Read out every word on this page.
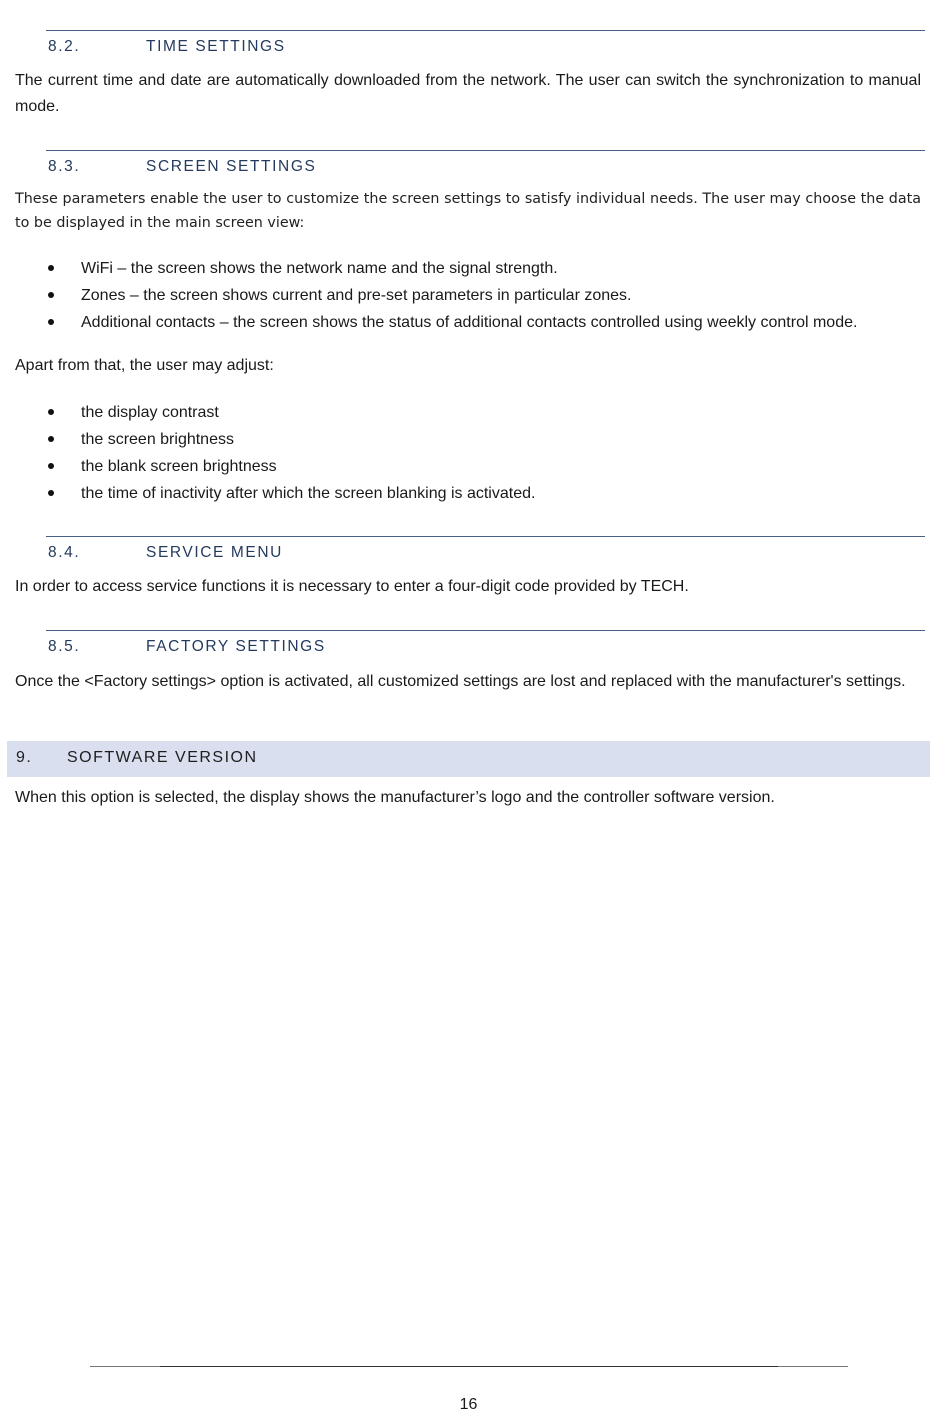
8.2.	TIME SETTINGS
The current time and date are automatically downloaded from the network. The user can switch the synchronization to manual mode.
8.3.	SCREEN SETTINGS
These parameters enable the user to customize the screen settings to satisfy individual needs. The user may choose the data to be displayed in the main screen view:
WiFi – the screen shows the network name and the signal strength.
Zones – the screen shows current and pre-set parameters in particular zones.
Additional contacts – the screen shows the status of additional contacts controlled using weekly control mode.
Apart from that, the user may adjust:
the display contrast
the screen brightness
the blank screen brightness
the time of inactivity after which the screen blanking is activated.
8.4.	SERVICE MENU
In order to access service functions it is necessary to enter a four-digit code provided by TECH.
8.5.	FACTORY SETTINGS
Once the <Factory settings> option is activated, all customized settings are lost and replaced with the manufacturer's settings.
9. SOFTWARE VERSION
When this option is selected, the display shows the manufacturer’s logo and the controller software version.
16
